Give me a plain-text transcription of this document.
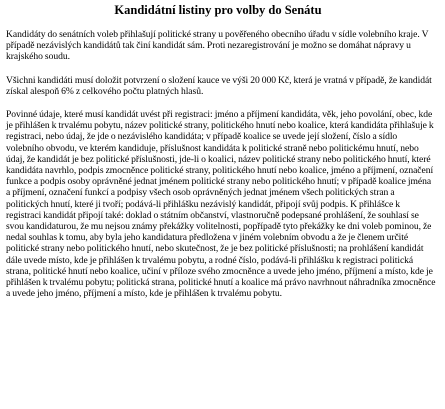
Kandidátní listiny pro volby do Senátu

Kandidáty do senátních voleb přihlašují politické strany u pověřeného obecního úřadu v sídle volebního kraje. V případě nezávislých kandidátů tak činí kandidát sám. Proti nezaregistrování je možno se domáhat nápravy u krajského soudu.

Všichni kandidáti musí doložit potvrzení o složení kauce ve výši 20 000 Kč, která je vratná v případě, že kandidát získal alespoň 6% z celkového počtu platných hlasů.

Povinné údaje, které musí kandidát uvést při registraci: jméno a příjmení kandidáta, věk, jeho povolání, obec, kde je přihlášen k trvalému pobytu, název politické strany, politického hnutí nebo koalice, která kandidáta přihlašuje k registraci, nebo údaj, že jde o nezávislého kandidáta; v případě koalice se uvede její složení, číslo a sídlo volebního obvodu, ve kterém kandiduje, příslušnost kandidáta k politické straně nebo politickému hnutí, nebo údaj, že kandidát je bez politické příslušnosti, jde-li o koalici, název politické strany nebo politického hnutí, které kandidáta navrhlo, podpis zmocněnce politické strany, politického hnutí nebo koalice, jméno a příjmení, označení funkce a podpis osoby oprávněné jednat jménem politické strany nebo politického hnutí; v případě koalice jména a příjmení, označení funkcí a podpisy všech osob oprávněných jednat jménem všech politických stran a politických hnutí, které ji tvoří; podává-li přihlášku nezávislý kandidát, připojí svůj podpis. K přihlášce k registraci kandidát připojí také: doklad o státním občanství, vlastnoručně podepsané prohlášení, že souhlasí se svou kandidaturou, že mu nejsou známy překážky volitelnosti, popřípadě tyto překážky ke dni voleb pominou, že nedal souhlas k tomu, aby byla jeho kandidatura předložena v jiném volebním obvodu a že je členem určité politické strany nebo politického hnutí, nebo skutečnost, že je bez politické příslušnosti; na prohlášení kandidát dále uvede místo, kde je přihlášen k trvalému pobytu, a rodné číslo, podává-li přihlášku k registraci politická strana, politické hnutí nebo koalice, učiní v příloze svého zmocněnce a uvede jeho jméno, příjmení a místo, kde je přihlášen k trvalému pobytu; politická strana, politické hnutí a koalice má právo navrhnout náhradníka zmocněnce a uvede jeho jméno, příjmení a místo, kde je přihlášen k trvalému pobytu.
